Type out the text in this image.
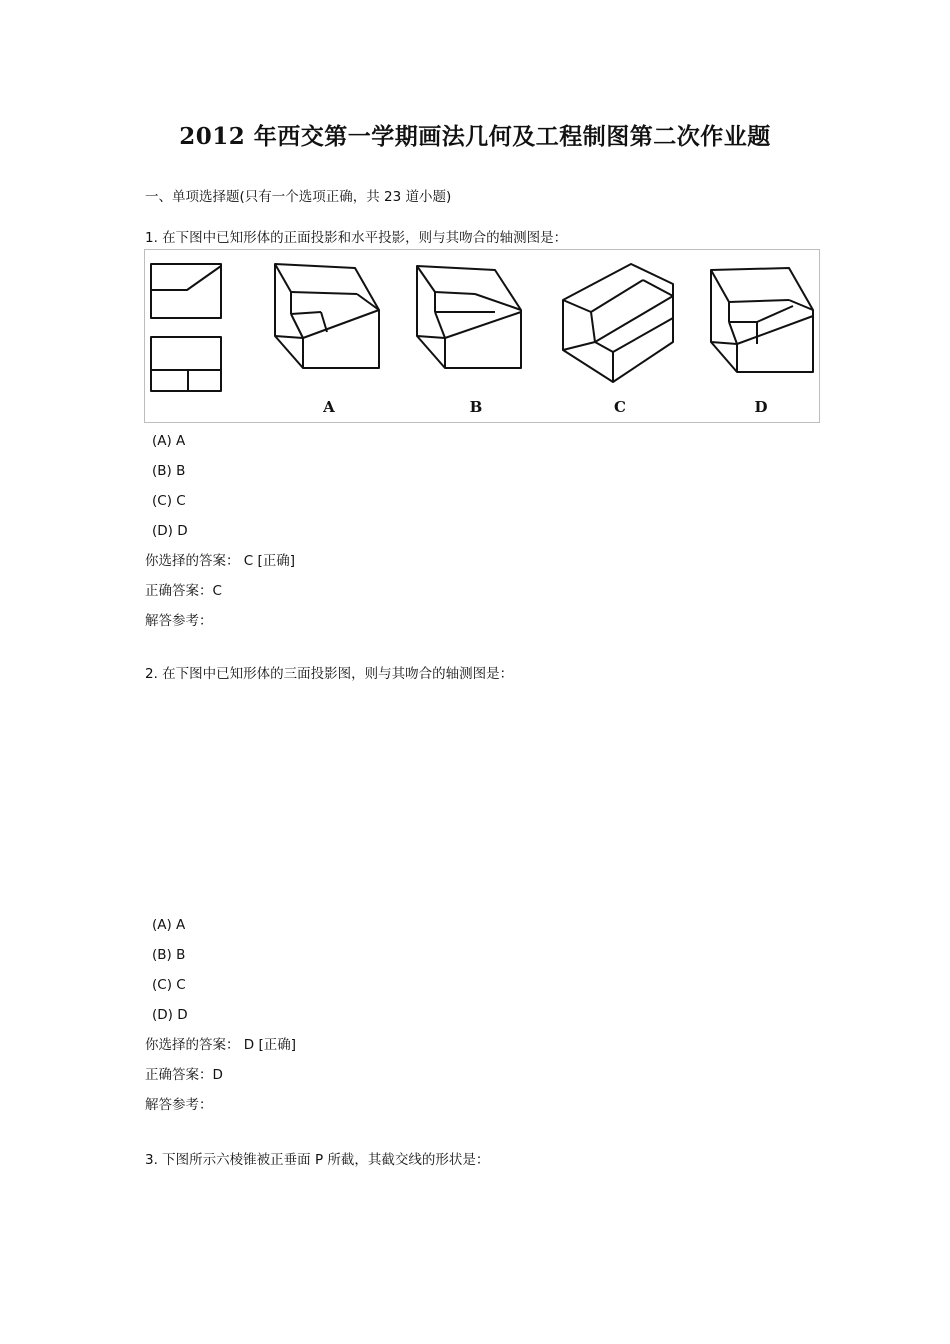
2012 年西交第一学期画法几何及工程制图第二次作业题
一、单项选择题(只有一个选项正确，共 23 道小题)
1. 在下图中已知形体的正面投影和水平投影，则与其吻合的轴测图是：
A	B	C	D
(A) A
(B) B
(C) C
(D) D
你选择的答案： C [正确]
正确答案：C
解答参考：
2. 在下图中已知形体的三面投影图，则与其吻合的轴测图是：
(A) A
(B) B
(C) C
(D) D
你选择的答案： D [正确]
正确答案：D
解答参考：
3. 下图所示六棱锥被正垂面 P 所截，其截交线的形状是：
